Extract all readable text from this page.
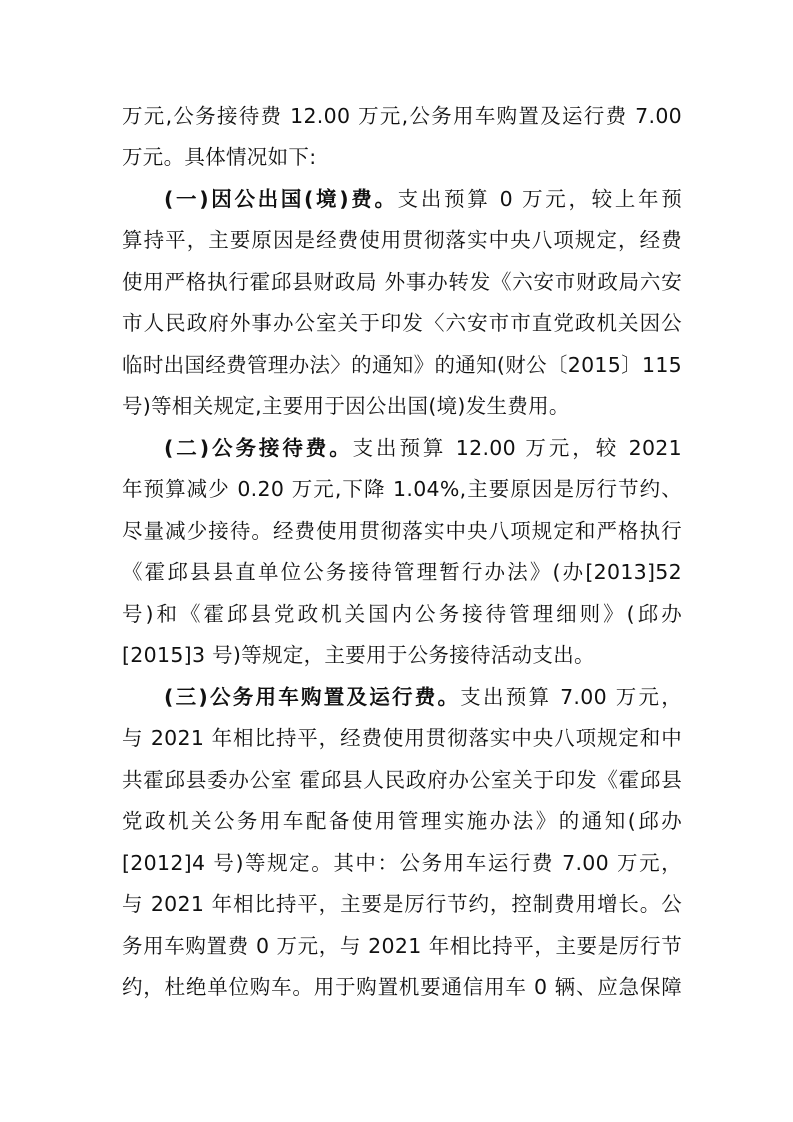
万元,公务接待费 12.00 万元,公务用车购置及运行费 7.00
万元。具体情况如下:
(一)因公出国(境)费。支出预算 0 万元，较上年预
算持平，主要原因是经费使用贯彻落实中央八项规定，经费
使用严格执行霍邱县财政局 外事办转发《六安市财政局六安
市人民政府外事办公室关于印发〈六安市市直党政机关因公
临时出国经费管理办法〉的通知》的通知(财公〔2015〕115
号)等相关规定,主要用于因公出国(境)发生费用。
(二)公务接待费。支出预算 12.00 万元，较 2021
年预算减少 0.20 万元,下降 1.04%,主要原因是厉行节约、
尽量减少接待。经费使用贯彻落实中央八项规定和严格执行
《霍邱县县直单位公务接待管理暂行办法》(办[2013]52
号)和《霍邱县党政机关国内公务接待管理细则》(邱办
[2015]3 号)等规定，主要用于公务接待活动支出。
(三)公务用车购置及运行费。支出预算 7.00 万元，
与 2021 年相比持平，经费使用贯彻落实中央八项规定和中
共霍邱县委办公室 霍邱县人民政府办公室关于印发《霍邱县
党政机关公务用车配备使用管理实施办法》的通知(邱办
[2012]4 号)等规定。其中：公务用车运行费 7.00 万元，
与 2021 年相比持平，主要是厉行节约，控制费用增长。公
务用车购置费 0 万元，与 2021 年相比持平，主要是厉行节
约，杜绝单位购车。用于购置机要通信用车 0 辆、应急保障
